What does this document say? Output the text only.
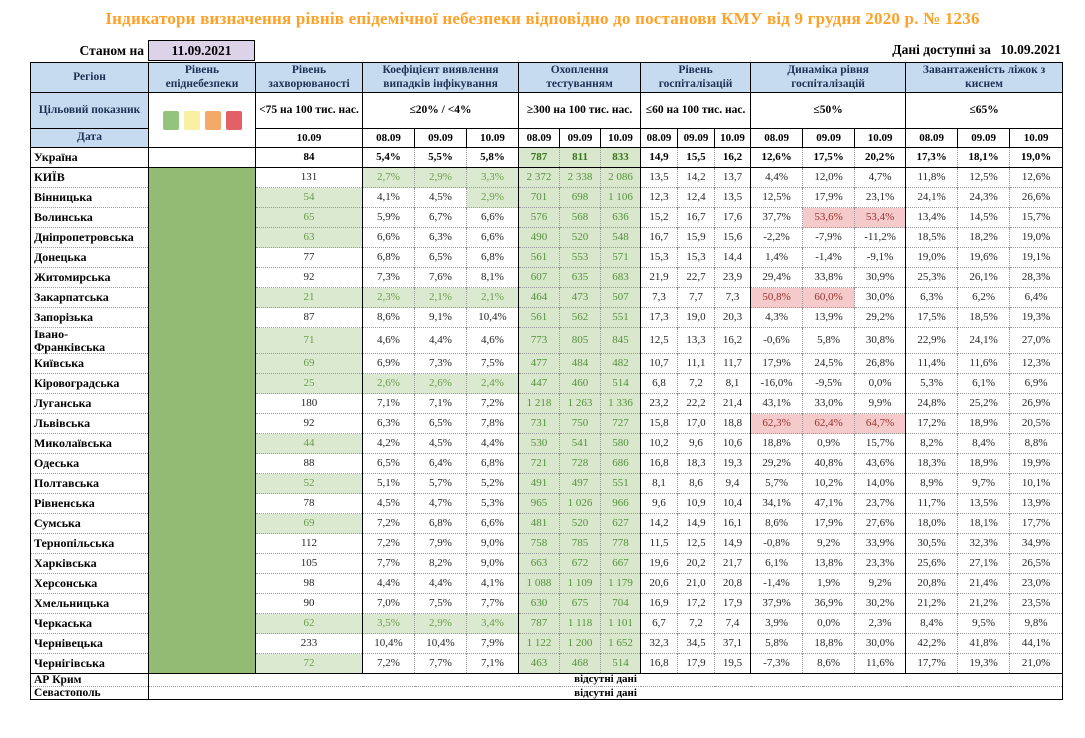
Індикатори визначення рівнів епідемічної небезпеки відповідно до постанови КМУ від 9 грудня 2020 р. № 1236
Станом на	11.09.2021	Дані доступні за 10.09.2021
Регіон	Рівень епіднебезпеки	Рівень захворюваності	Коефіцієнт виявлення випадків інфікування			Охоплення тестуванням			Рівень госпіталізацій			Динаміка рівня госпіталізацій			Завантаженість ліжок з киснем		
Цільовий показник		<75 на 100 тис. нас.	≤20% / <4%			≥300 на 100 тис. нас.			≤60 на 100 тис. нас.			≤50%			≤65%		
Дата		10.09	08.09	09.09	10.09	08.09	09.09	10.09	08.09	09.09	10.09	08.09	09.09	10.09	08.09	09.09	10.09
Україна		84	5,4%	5,5%	5,8%	787	811	833	14,9	15,5	16,2	12,6%	17,5%	20,2%	17,3%	18,1%	19,0%
КИЇВ		131	2,7%	2,9%	3,3%	2 372	2 338	2 086	13,5	14,2	13,7	4,4%	12,0%	4,7%	11,8%	12,5%	12,6%
Вінницька		54	4,1%	4,5%	2,9%	701	698	1 106	12,3	12,4	13,5	12,5%	17,9%	23,1%	24,1%	24,3%	26,6%
Волинська		65	5,9%	6,7%	6,6%	576	568	636	15,2	16,7	17,6	37,7%	53,6%	53,4%	13,4%	14,5%	15,7%
Дніпропетровська		63	6,6%	6,3%	6,6%	490	520	548	16,7	15,9	15,6	-2,2%	-7,9%	-11,2%	18,5%	18,2%	19,0%
Донецька		77	6,8%	6,5%	6,8%	561	553	571	15,3	15,3	14,4	1,4%	-1,4%	-9,1%	19,0%	19,6%	19,1%
Житомирська		92	7,3%	7,6%	8,1%	607	635	683	21,9	22,7	23,9	29,4%	33,8%	30,9%	25,3%	26,1%	28,3%
Закарпатська		21	2,3%	2,1%	2,1%	464	473	507	7,3	7,7	7,3	50,8%	60,0%	30,0%	6,3%	6,2%	6,4%
Запорізька		87	8,6%	9,1%	10,4%	561	562	551	17,3	19,0	20,3	4,3%	13,9%	29,2%	17,5%	18,5%	19,3%
Івано-
Франківська		71	4,6%	4,4%	4,6%	773	805	845	12,5	13,3	16,2	-0,6%	5,8%	30,8%	22,9%	24,1%	27,0%
Київська		69	6,9%	7,3%	7,5%	477	484	482	10,7	11,1	11,7	17,9%	24,5%	26,8%	11,4%	11,6%	12,3%
Кіровоградська		25	2,6%	2,6%	2,4%	447	460	514	6,8	7,2	8,1	-16,0%	-9,5%	0,0%	5,3%	6,1%	6,9%
Луганська		180	7,1%	7,1%	7,2%	1 218	1 263	1 336	23,2	22,2	21,4	43,1%	33,0%	9,9%	24,8%	25,2%	26,9%
Львівська		92	6,3%	6,5%	7,8%	731	750	727	15,8	17,0	18,8	62,3%	62,4%	64,7%	17,2%	18,9%	20,5%
Миколаївська		44	4,2%	4,5%	4,4%	530	541	580	10,2	9,6	10,6	18,8%	0,9%	15,7%	8,2%	8,4%	8,8%
Одеська		88	6,5%	6,4%	6,8%	721	728	686	16,8	18,3	19,3	29,2%	40,8%	43,6%	18,3%	18,9%	19,9%
Полтавська		52	5,1%	5,7%	5,2%	491	497	551	8,1	8,6	9,4	5,7%	10,2%	14,0%	8,9%	9,7%	10,1%
Рівненська		78	4,5%	4,7%	5,3%	965	1 026	966	9,6	10,9	10,4	34,1%	47,1%	23,7%	11,7%	13,5%	13,9%
Сумська		69	7,2%	6,8%	6,6%	481	520	627	14,2	14,9	16,1	8,6%	17,9%	27,6%	18,0%	18,1%	17,7%
Тернопільська		112	7,2%	7,9%	9,0%	758	785	778	11,5	12,5	14,9	-0,8%	9,2%	33,9%	30,5%	32,3%	34,9%
Харківська		105	7,7%	8,2%	9,0%	663	672	667	19,6	20,2	21,7	6,1%	13,8%	23,3%	25,6%	27,1%	26,5%
Херсонська		98	4,4%	4,4%	4,1%	1 088	1 109	1 179	20,6	21,0	20,8	-1,4%	1,9%	9,2%	20,8%	21,4%	23,0%
Хмельницька		90	7,0%	7,5%	7,7%	630	675	704	16,9	17,2	17,9	37,9%	36,9%	30,2%	21,2%	21,2%	23,5%
Черкаська		62	3,5%	2,9%	3,4%	787	1 118	1 101	6,7	7,2	7,4	3,9%	0,0%	2,3%	8,4%	9,5%	9,8%
Чернівецька		233	10,4%	10,4%	7,9%	1 122	1 200	1 652	32,3	34,5	37,1	5,8%	18,8%	30,0%	42,2%	41,8%	44,1%
Чернігівська		72	7,2%	7,7%	7,1%	463	468	514	16,8	17,9	19,5	-7,3%	8,6%	11,6%	17,7%	19,3%	21,0%
АР Крим	відсутні дані																
Севастополь	відсутні дані																
